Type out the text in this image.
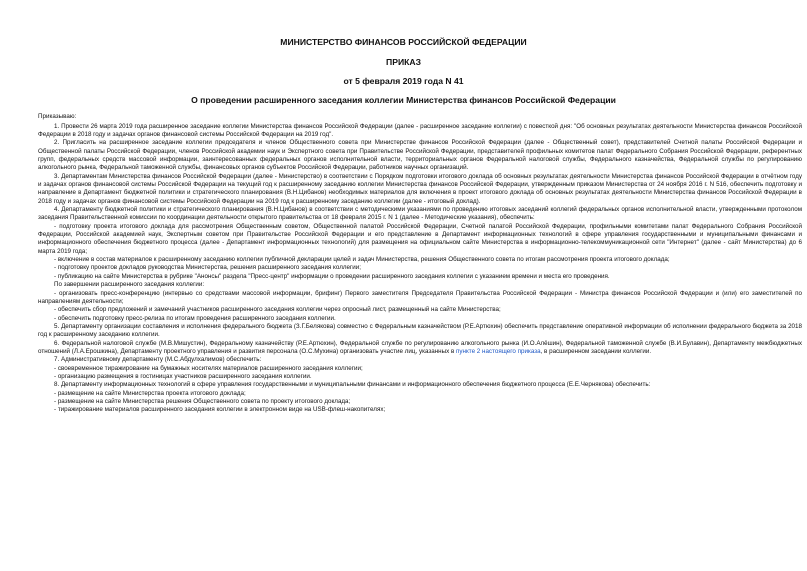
МИНИСТЕРСТВО ФИНАНСОВ РОССИЙСКОЙ ФЕДЕРАЦИИ
ПРИКАЗ
от 5 февраля 2019 года N 41
О проведении расширенного заседания коллегии Министерства финансов Российской Федерации

Приказываю:

1. Провести 26 марта 2019 года расширенное заседание коллегии Министерства финансов Российской Федерации (далее - расширенное заседание коллегии) с повесткой дня: "Об основных результатах деятельности Министерства финансов Российской Федерации в 2018 году и задачах органов финансовой системы Российской Федерации на 2019 год".

2. Пригласить на расширенное заседание коллегии председателя и членов Общественного совета при Министерстве финансов Российской Федерации (далее - Общественный совет), представителей Счетной палаты Российской Федерации и Общественной палаты Российской Федерации, членов Российской академии наук и Экспертного совета при Правительстве Российской Федерации, представителей профильных комитетов палат Федерального Собрания Российской Федерации, референтных групп, федеральных средств массовой информации, заинтересованных федеральных органов исполнительной власти, территориальных органов Федеральной налоговой службы, Федерального казначейства, Федеральной службы по регулированию алкогольного рынка, Федеральной таможенной службы, финансовых органов субъектов Российской Федерации, работников научных организаций.

3. Департаментам Министерства финансов Российской Федерации (далее - Министерство) в соответствии с Порядком подготовки итогового доклада об основных результатах деятельности Министерства финансов Российской Федерации в отчётном году и задачах органов финансовой системы Российской Федерации на текущий год к расширенному заседанию коллегии Министерства финансов Российской Федерации, утвержденным приказом Министерства от 24 ноября 2016 г. N 516, обеспечить подготовку и направление в Департамент бюджетной политики и стратегического планирования (В.Н.Цибанов) необходимых материалов для включения в проект итогового доклада об основных результатах деятельности Министерства финансов Российской Федерации в 2018 году и задачах органов финансовой системы Российской Федерации на 2019 год к расширенному заседанию коллегии (далее - итоговый доклад).

4. Департаменту бюджетной политики и стратегического планирования (В.Н.Цибанов) в соответствии с методическими указаниями по проведению итоговых заседаний коллегий федеральных органов исполнительной власти, утвержденными протоколом заседания Правительственной комиссии по координации деятельности открытого правительства от 18 февраля 2015 г. N 1 (далее - Методические указания), обеспечить:

- подготовку проекта итогового доклада для рассмотрения Общественным советом, Общественной палатой Российской Федерации, Счетной палатой Российской Федерации, профильными комитетами палат Федерального Собрания Российской Федерации, Российской академией наук, Экспертным советом при Правительстве Российской Федерации и его представление в Департамент информационных технологий в сфере управления государственными и муниципальными финансами и информационного обеспечения бюджетного процесса (далее - Департамент информационных технологий) для размещения на официальном сайте Министерства в информационно-телекоммуникационной сети "Интернет" (далее - сайт Министерства) до 6 марта 2019 года;

- включение в состав материалов к расширенному заседанию коллегии публичной декларации целей и задач Министерства, решения Общественного совета по итогам рассмотрения проекта итогового доклада;

- подготовку проектов докладов руководства Министерства, решения расширенного заседания коллегии;

- публикацию на сайте Министерства в рубрике "Анонсы" раздела "Пресс-центр" информации о проведении расширенного заседания коллегии с указанием времени и места его проведения.

По завершении расширенного заседания коллегии:

- организовать пресс-конференцию (интервью со средствами массовой информации, брифинг) Первого заместителя Председателя Правительства Российской Федерации - Министра финансов Российской Федерации и (или) его заместителей по направлениям деятельности;

- обеспечить сбор предложений и замечаний участников расширенного заседания коллегии через опросный лист, размещенный на сайте Министерства;

- обеспечить подготовку пресс-релиза по итогам проведения расширенного заседания коллегии.

5. Департаменту организации составления и исполнения федерального бюджета (З.Г.Белякова) совместно с Федеральным казначейством (Р.Е.Артюхин) обеспечить представление оперативной информации об исполнении федерального бюджета за 2018 год к расширенному заседанию коллегии.

6. Федеральной налоговой службе (М.В.Мишустин), Федеральному казначейству (Р.Е.Артюхин), Федеральной службе по регулированию алкогольного рынка (И.О.Алёшин), Федеральной таможенной службе (В.И.Булавин), Департаменту межбюджетных отношений (Л.А.Ерошкина), Департаменту проектного управления и развития персонала (О.С.Мухина) организовать участие лиц, указанных в пункте 2 настоящего приказа, в расширенном заседании коллегии.

7. Административному департаменту (М.С.Абдулхалимов) обеспечить:

- своевременное тиражирование на бумажных носителях материалов расширенного заседания коллегии;

- организацию размещения в гостиницах участников расширенного заседания коллегии.

8. Департаменту информационных технологий в сфере управления государственными и муниципальными финансами и информационного обеспечения бюджетного процесса (Е.Е.Чернякова) обеспечить:

- размещение на сайте Министерства проекта итогового доклада;

- размещение на сайте Министерства решения Общественного совета по проекту итогового доклада;

- тиражирование материалов расширенного заседания коллегии в электронном виде на USB-флеш-накопителях;
